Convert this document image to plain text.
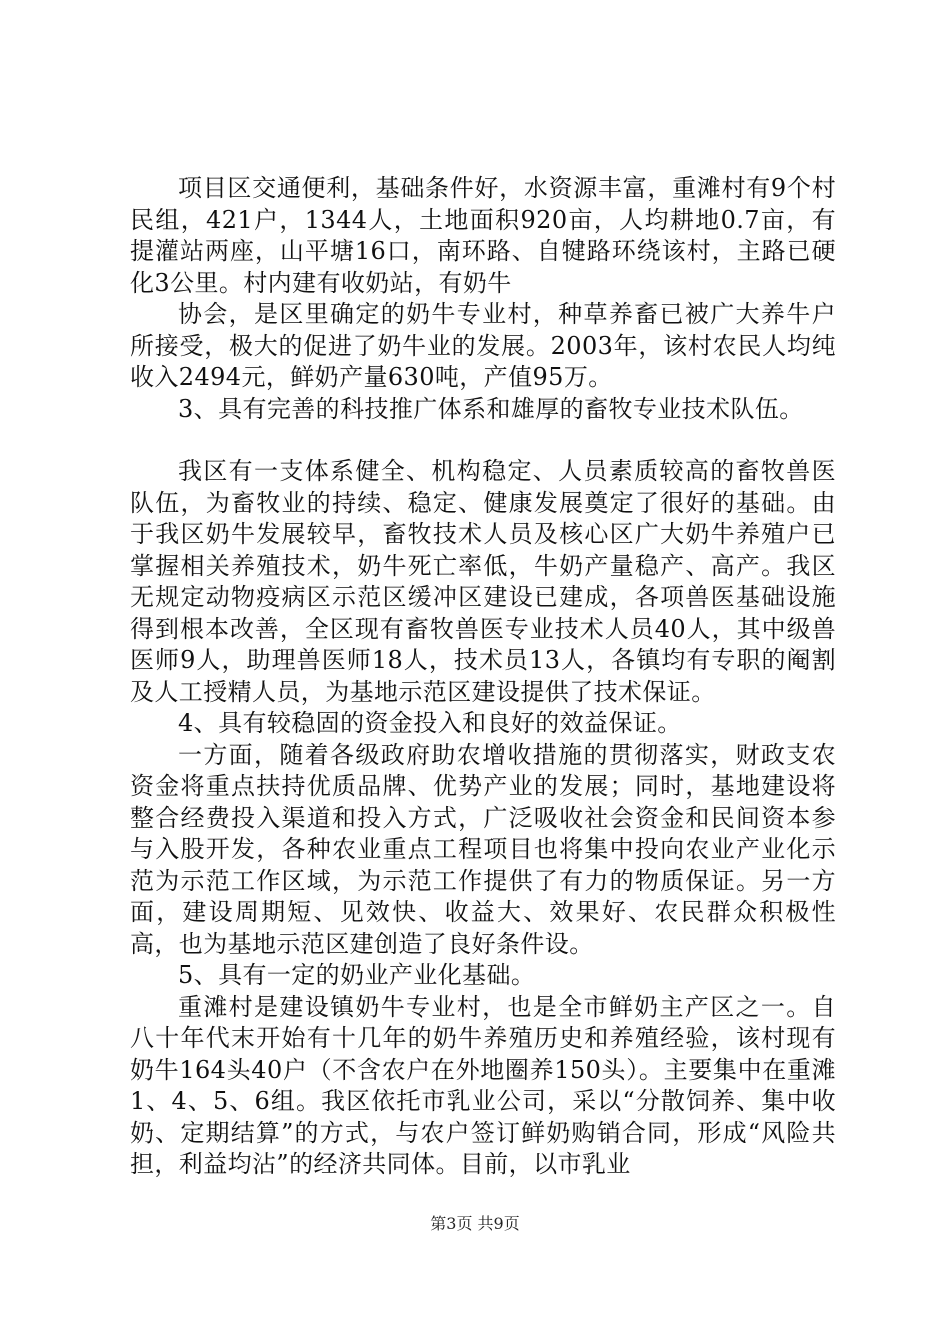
项目区交通便利，基础条件好，水资源丰富，重滩村有9个村民组，421户，1344人，土地面积920亩，人均耕地0.7亩，有提灌站两座，山平塘16口，南环路、自犍路环绕该村，主路已硬化3公里。村内建有收奶站，有奶牛

协会，是区里确定的奶牛专业村，种草养畜已被广大养牛户所接受，极大的促进了奶牛业的发展。2003年，该村农民人均纯收入2494元，鲜奶产量630吨，产值95万。

3、具有完善的科技推广体系和雄厚的畜牧专业技术队伍。

我区有一支体系健全、机构稳定、人员素质较高的畜牧兽医队伍，为畜牧业的持续、稳定、健康发展奠定了很好的基础。由于我区奶牛发展较早，畜牧技术人员及核心区广大奶牛养殖户已掌握相关养殖技术，奶牛死亡率低，牛奶产量稳产、高产。我区无规定动物疫病区示范区缓冲区建设已建成，各项兽医基础设施得到根本改善，全区现有畜牧兽医专业技术人员40人，其中级兽医师9人，助理兽医师18人，技术员13人，各镇均有专职的阉割及人工授精人员，为基地示范区建设提供了技术保证。

4、具有较稳固的资金投入和良好的效益保证。

一方面，随着各级政府助农增收措施的贯彻落实，财政支农资金将重点扶持优质品牌、优势产业的发展；同时，基地建设将整合经费投入渠道和投入方式，广泛吸收社会资金和民间资本参与入股开发，各种农业重点工程项目也将集中投向农业产业化示范为示范工作区域，为示范工作提供了有力的物质保证。另一方面，建设周期短、见效快、收益大、效果好、农民群众积极性高，也为基地示范区建创造了良好条件设。

5、具有一定的奶业产业化基础。

重滩村是建设镇奶牛专业村，也是全市鲜奶主产区之一。自八十年代末开始有十几年的奶牛养殖历史和养殖经验，该村现有奶牛164头40户（不含农户在外地圈养150头）。主要集中在重滩1、4、5、6组。我区依托市乳业公司，采以“分散饲养、集中收奶、定期结算”的方式，与农户签订鲜奶购销合同，形成“风险共担，利益均沾”的经济共同体。目前，以市乳业

第3页 共9页
